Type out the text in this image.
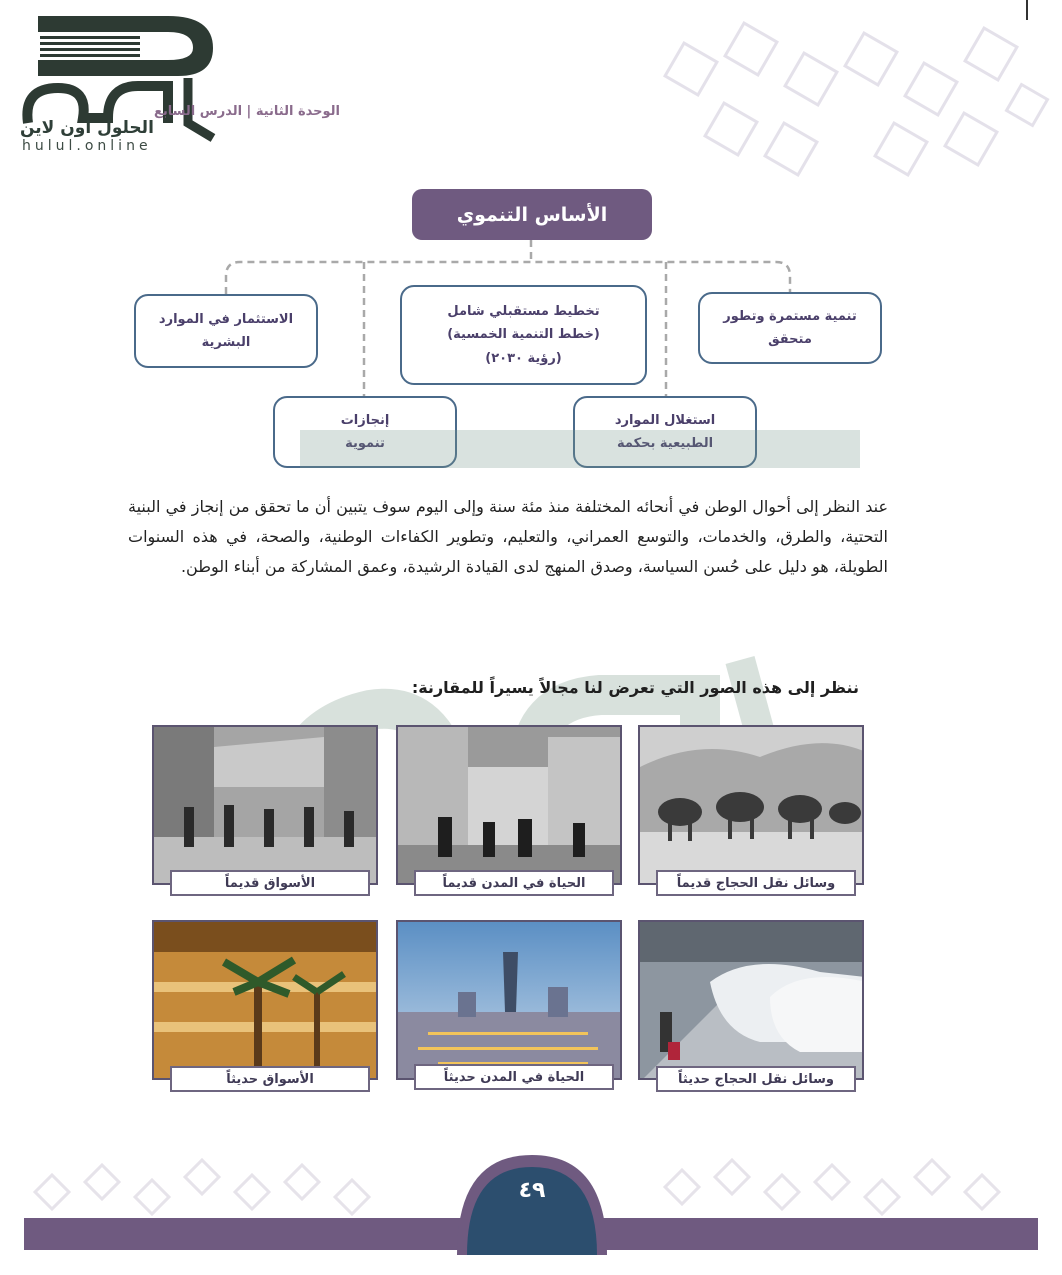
الحلول اون لاين
hulul.online
الوحدة الثانية | الدرس السابع
الأساس التنموي
تنمية مستمرة وتطور
متحقق
تخطيط مستقبلي شامل
(خطط التنمية الخمسية)
(رؤية ٢٠٣٠)
الاستثمار في الموارد
البشرية
استغلال الموارد
الطبيعية بحكمة
إنجازات
تنموية
عند النظر إلى أحوال الوطن في أنحائه المختلفة منذ مئة سنة وإلى اليوم سوف يتبين أن ما تحقق من إنجاز في البنية التحتية، والطرق، والخدمات، والتوسع العمراني، والتعليم، وتطوير الكفاءات الوطنية، والصحة، في هذه السنوات الطويلة، هو دليل على حُسن السياسة، وصدق المنهج لدى القيادة الرشيدة، وعمق المشاركة من أبناء الوطن.
ننظر إلى هذه الصور التي تعرض لنا مجالاً يسيراً للمقارنة:
وسائل نقل الحجاج قديماً
الحياة في المدن قديماً
الأسواق قديماً
وسائل نقل الحجاج حديثاً
الحياة في المدن حديثاً
الأسواق حديثاً
٤٩
